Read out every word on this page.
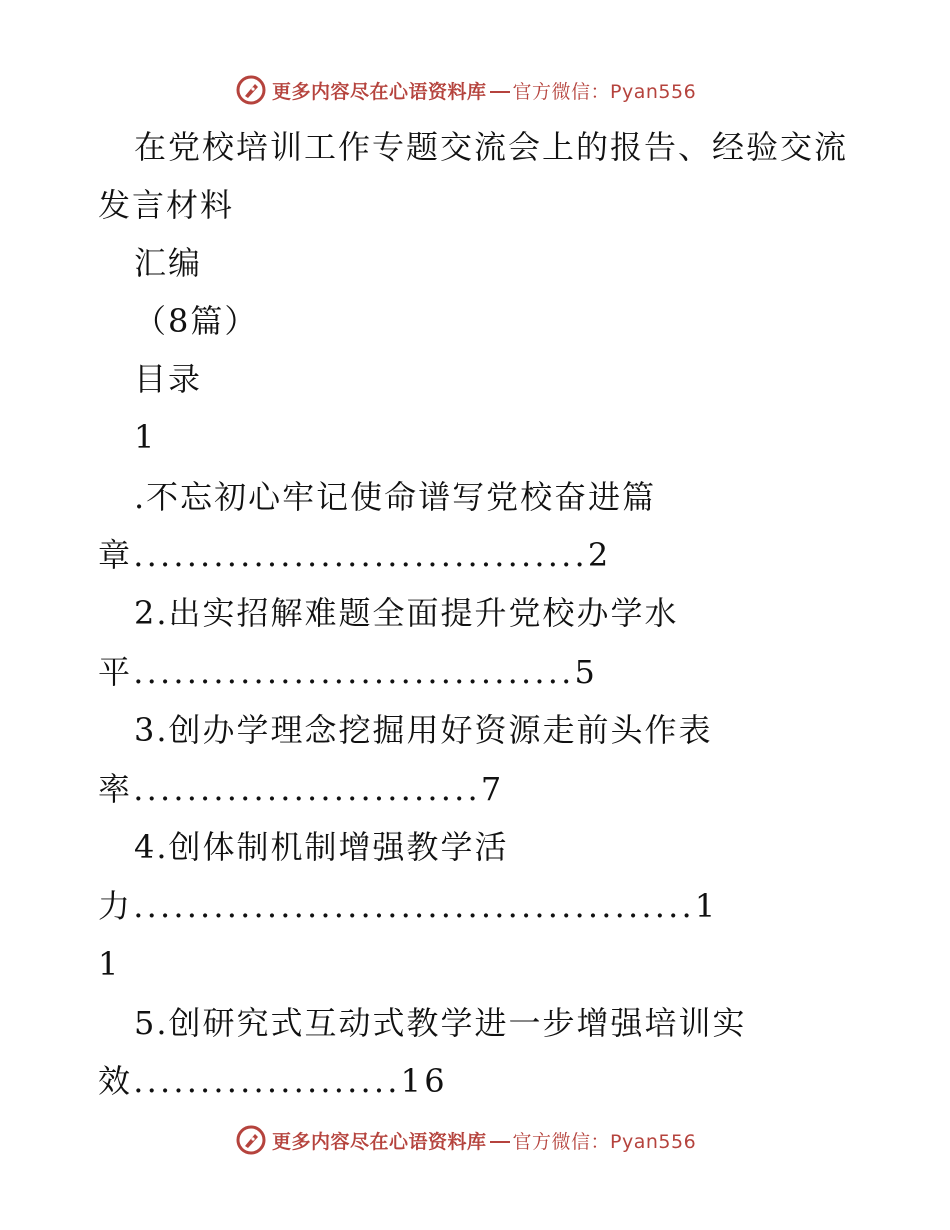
更多内容尽在心语资料库 官方微信：Pyan556
在党校培训工作专题交流会上的报告、经验交流
发言材料
汇编
（8篇）
目录
1
.不忘初心牢记使命谱写党校奋进篇
章..................................2
2.出实招解难题全面提升党校办学水
平.................................5
3.创办学理念挖掘用好资源走前头作表
率..........................7
4.创体制机制增强教学活
力..........................................1
1
5.创研究式互动式教学进一步增强培训实
效....................16
更多内容尽在心语资料库 官方微信：Pyan556
